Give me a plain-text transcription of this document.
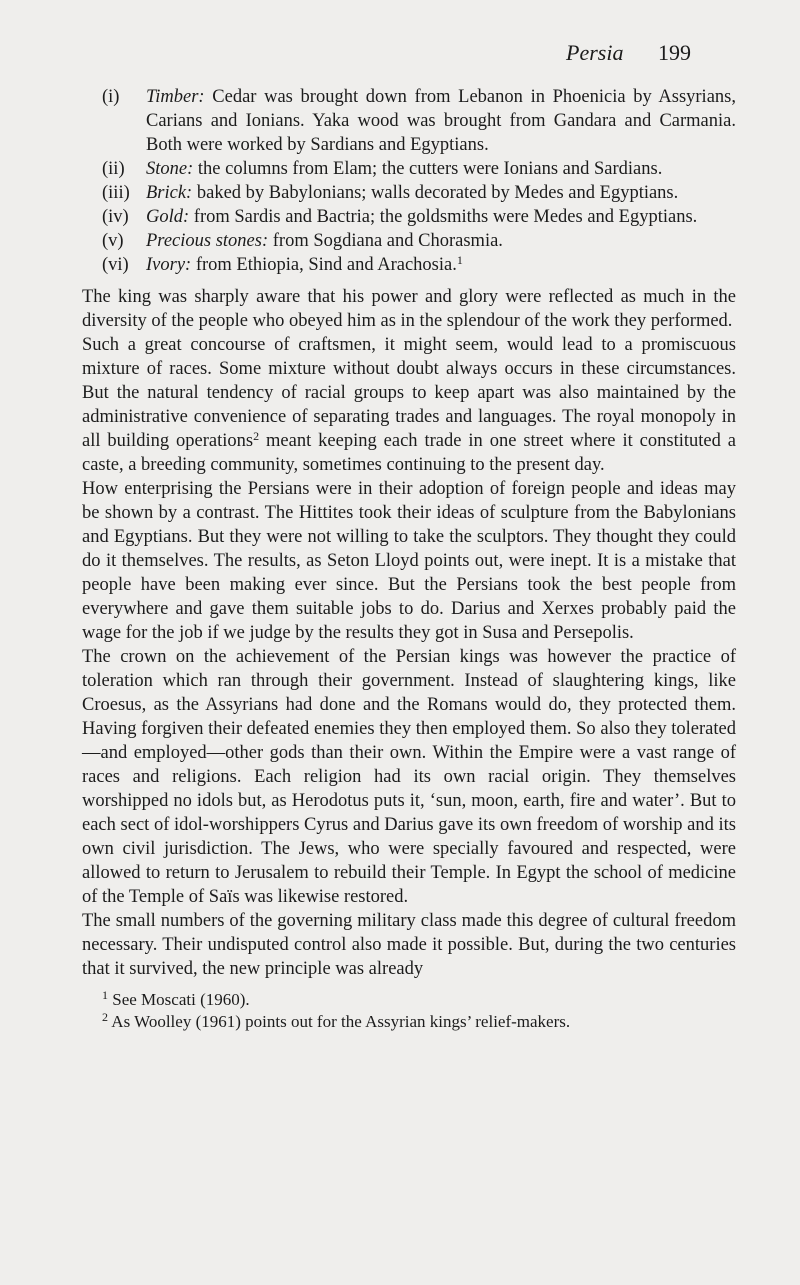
Persia 199
(i)	Timber: Cedar was brought down from Lebanon in Phoenicia by Assyrians, Carians and Ionians. Yaka wood was brought from Gandara and Carmania. Both were worked by Sardians and Egyptians.
(ii)	Stone: the columns from Elam; the cutters were Ionians and Sardians.
(iii) Brick: baked by Babylonians; walls decorated by Medes and Egyptians.
(iv) Gold: from Sardis and Bactria; the goldsmiths were Medes and Egyptians.
(v)	Precious stones: from Sogdiana and Chorasmia.
(vi) Ivory: from Ethiopia, Sind and Arachosia.$^1$

The king was sharply aware that his power and glory were reflected as much in the diversity of the people who obeyed him as in the splendour of the work they performed.

Such a great concourse of craftsmen, it might seem, would lead to a promiscuous mixture of races. Some mixture without doubt always occurs in these circumstances. But the natural tendency of racial groups to keep apart was also maintained by the administrative convenience of separating trades and languages. The royal monopoly in all building operations$^2$ meant keeping each trade in one street where it constituted a caste, a breeding community, sometimes continuing to the present day.

How enterprising the Persians were in their adoption of foreign people and ideas may be shown by a contrast. The Hittites took their ideas of sculpture from the Babylonians and Egyptians. But they were not willing to take the sculptors. They thought they could do it themselves. The results, as Seton Lloyd points out, were inept. It is a mistake that people have been making ever since. But the Persians took the best people from everywhere and gave them suitable jobs to do. Darius and Xerxes probably paid the wage for the job if we judge by the results they got in Susa and Persepolis.

The crown on the achievement of the Persian kings was however the practice of toleration which ran through their government. Instead of slaughtering kings, like Croesus, as the Assyrians had done and the Romans would do, they protected them. Having forgiven their defeated enemies they then employed them. So also they tolerated—and employed—other gods than their own. Within the Empire were a vast range of races and religions. Each religion had its own racial origin. They themselves worshipped no idols but, as Herodotus puts it, ‘sun, moon, earth, fire and water’. But to each sect of idol-worshippers Cyrus and Darius gave its own freedom of worship and its own civil jurisdiction. The Jews, who were specially favoured and respected, were allowed to return to Jerusalem to rebuild their Temple. In Egypt the school of medicine of the Temple of Saïs was likewise restored.

The small numbers of the governing military class made this degree of cultural freedom necessary. Their undisputed control also made it possible. But, during the two centuries that it survived, the new principle was already

$^1$ See Moscati (1960).
$^2$ As Woolley (1961) points out for the Assyrian kings’ relief-makers.
